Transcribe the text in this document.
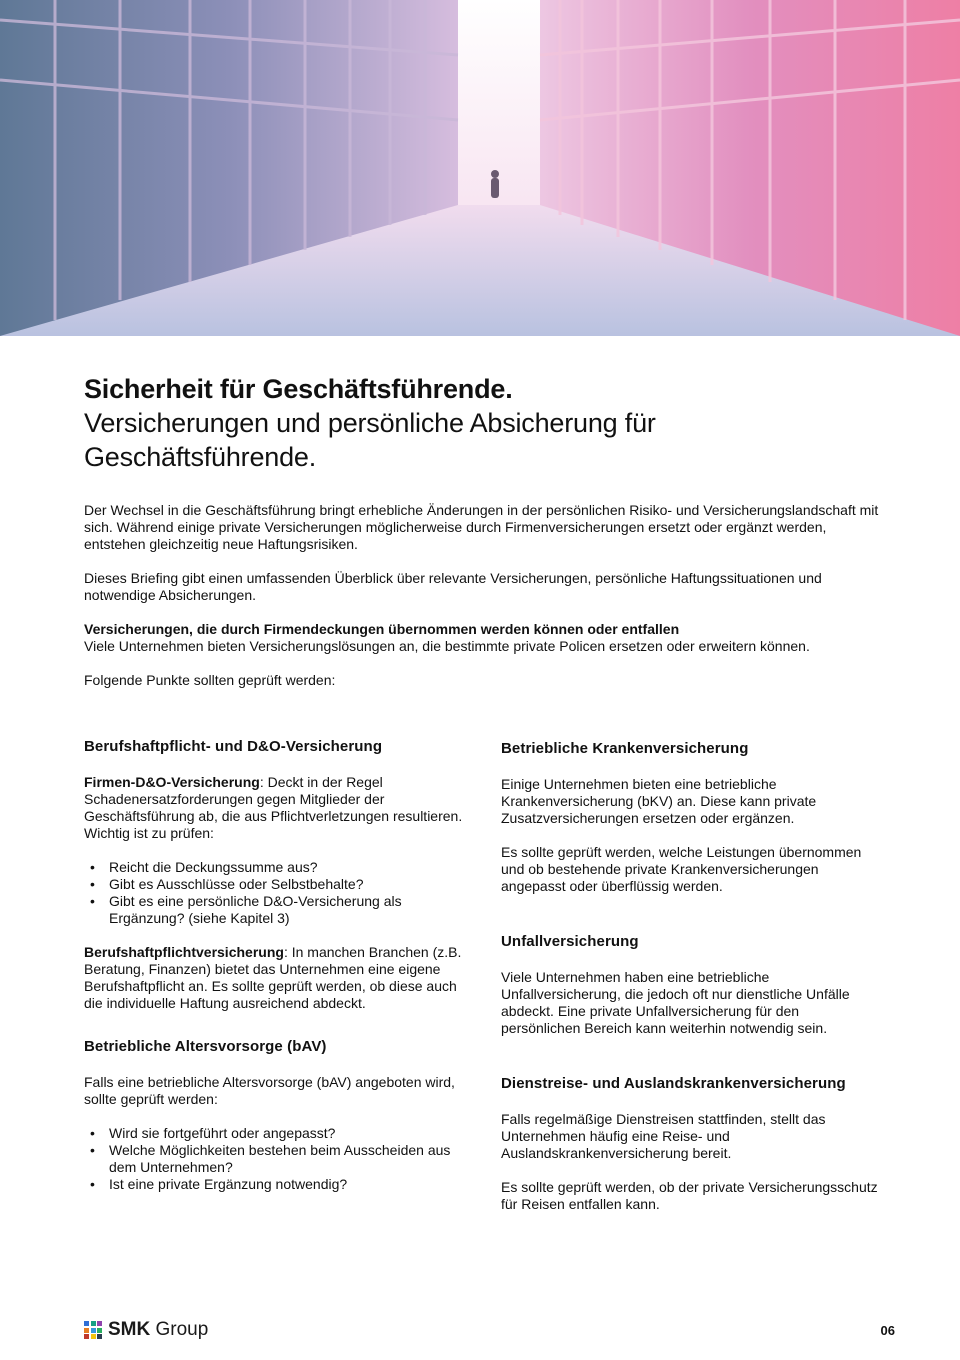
Sicherheit für Geschäftsführende.
Versicherungen und persönliche Absicherung für Geschäftsführende.

Der Wechsel in die Geschäftsführung bringt erhebliche Änderungen in der persönlichen Risiko- und Versicherungslandschaft mit sich. Während einige private Versicherungen möglicherweise durch Firmenversicherungen ersetzt oder ergänzt werden, entstehen gleichzeitig neue Haftungsrisiken.

Dieses Briefing gibt einen umfassenden Überblick über relevante Versicherungen, persönliche Haftungssituationen und notwendige Absicherungen.

Versicherungen, die durch Firmendeckungen übernommen werden können oder entfallen
Viele Unternehmen bieten Versicherungslösungen an, die bestimmte private Policen ersetzen oder erweitern können.

Folgende Punkte sollten geprüft werden:

Berufshaftpflicht- und D&O-Versicherung

Firmen-D&O-Versicherung: Deckt in der Regel Schadenersatzforderungen gegen Mitglieder der Geschäftsführung ab, die aus Pflichtverletzungen resultieren. Wichtig ist zu prüfen:

• Reicht die Deckungssumme aus?
• Gibt es Ausschlüsse oder Selbstbehalte?
• Gibt es eine persönliche D&O-Versicherung als Ergänzung? (siehe Kapitel 3)

Berufshaftpflichtversicherung: In manchen Branchen (z.B. Beratung, Finanzen) bietet das Unternehmen eine eigene Berufshaftpflicht an. Es sollte geprüft werden, ob diese auch die individuelle Haftung ausreichend abdeckt.

Betriebliche Altersvorsorge (bAV)

Falls eine betriebliche Altersvorsorge (bAV) angeboten wird, sollte geprüft werden:

• Wird sie fortgeführt oder angepasst?
• Welche Möglichkeiten bestehen beim Ausscheiden aus dem Unternehmen?
• Ist eine private Ergänzung notwendig?
Betriebliche Krankenversicherung

Einige Unternehmen bieten eine betriebliche Krankenversicherung (bKV) an. Diese kann private Zusatzversicherungen ersetzen oder ergänzen.

Es sollte geprüft werden, welche Leistungen übernommen und ob bestehende private Krankenversicherungen angepasst oder überflüssig werden.

Unfallversicherung

Viele Unternehmen haben eine betriebliche Unfallversicherung, die jedoch oft nur dienstliche Unfälle abdeckt. Eine private Unfallversicherung für den persönlichen Bereich kann weiterhin notwendig sein.

Dienstreise- und Auslandskrankenversicherung

Falls regelmäßige Dienstreisen stattfinden, stellt das Unternehmen häufig eine Reise- und Auslandskrankenversicherung bereit.

Es sollte geprüft werden, ob der private Versicherungsschutz für Reisen entfallen kann.

SMK Group	06
